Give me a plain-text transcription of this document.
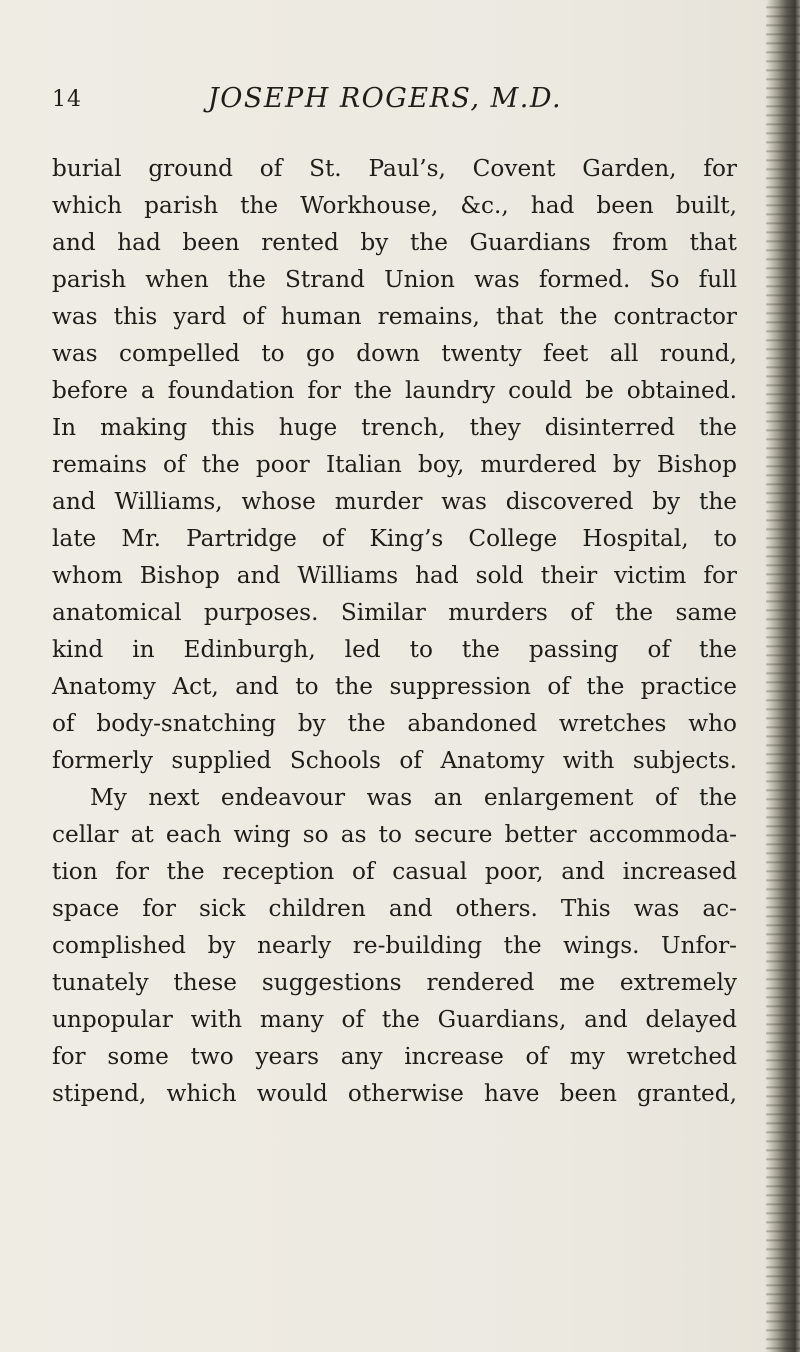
14	JOSEPH ROGERS, M.D.
burial ground of St. Paul’s, Covent Garden, for
which parish the Workhouse, &c., had been built,
and had been rented by the Guardians from that
parish when the Strand Union was formed. So full
was this yard of human remains, that the contractor
was compelled to go down twenty feet all round,
before a foundation for the laundry could be obtained.
In making this huge trench, they disinterred the
remains of the poor Italian boy, murdered by Bishop
and Williams, whose murder was discovered by the
late Mr. Partridge of King’s College Hospital, to
whom Bishop and Williams had sold their victim for
anatomical purposes. Similar murders of the same
kind in Edinburgh, led to the passing of the
Anatomy Act, and to the suppression of the practice
of body-snatching by the abandoned wretches who
formerly supplied Schools of Anatomy with subjects.
My next endeavour was an enlargement of the
cellar at each wing so as to secure better accommoda-
tion for the reception of casual poor, and increased
space for sick children and others. This was ac-
complished by nearly re-building the wings. Unfor-
tunately these suggestions rendered me extremely
unpopular with many of the Guardians, and delayed
for some two years any increase of my wretched
stipend, which would otherwise have been granted,
